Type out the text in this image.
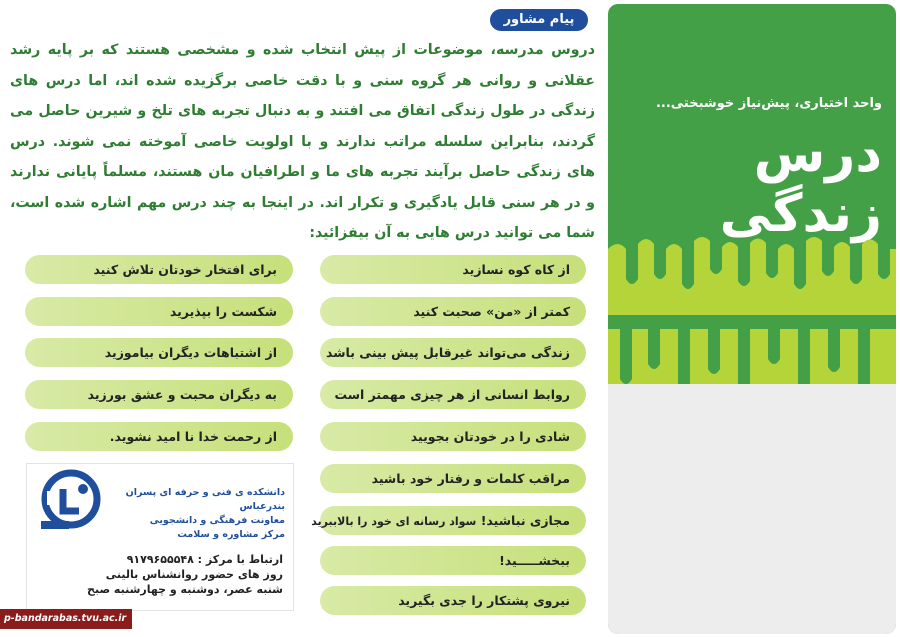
واحد اختیاری، پیش‌نیاز خوشبختی...
درس زندگی
پیام مشاور
دروس مدرسه، موضوعات از پیش انتخاب شده و مشخصی هستند که بر پایه رشد عقلانی و روانی هر گروه سنی و با دقت خاصی برگزیده شده اند، اما درس های زندگی در طول زندگی اتفاق می افتند و به دنبال تجربه های تلخ و شیرین حاصل می گردند، بنابراین سلسله مراتب ندارند و با اولویت خاصی آموخته نمی شوند. درس های زندگی حاصل برآیند تجربه های ما و اطرافیان مان هستند، مسلماً پایانی ندارند و در هر سنی قابل یادگیری و تکرار اند. در اینجا به چند درس مهم اشاره شده است، شما می توانید درس هایی به آن بیفزائید:
از کاه کوه نسازید
کمتر از «من» صحبت کنید
زندگی می‌تواند غیرقابل پیش بینی باشد
روابط انسانی از هر چیزی مهمتر است
شادی را در خودتان بجویید
مراقب کلمات و رفتار خود باشید
مجازی نباشید! سواد رسانه ای خود را بالاببرید
ببخشـــــید!
نیروی پشتکار را جدی بگیرید
برای افتخار خودتان تلاش کنید
شکست را بپذیرید
از اشتباهات دیگران بیاموزید
به دیگران محبت و عشق بورزید
از رحمت خدا نا امید نشوید.
دانشکده ی فنی و حرفه ای پسران بندرعباس
معاونت فرهنگی و دانشجویی
مرکز مشاوره و سلامت
ارتباط با مرکز : ۹۱۷۹۶۵۵۵۴۸
روز های حضور روانشناس بالینی
شنبه عصر، دوشنبه و چهارشنبه صبح
p-bandarabas.tvu.ac.ir
